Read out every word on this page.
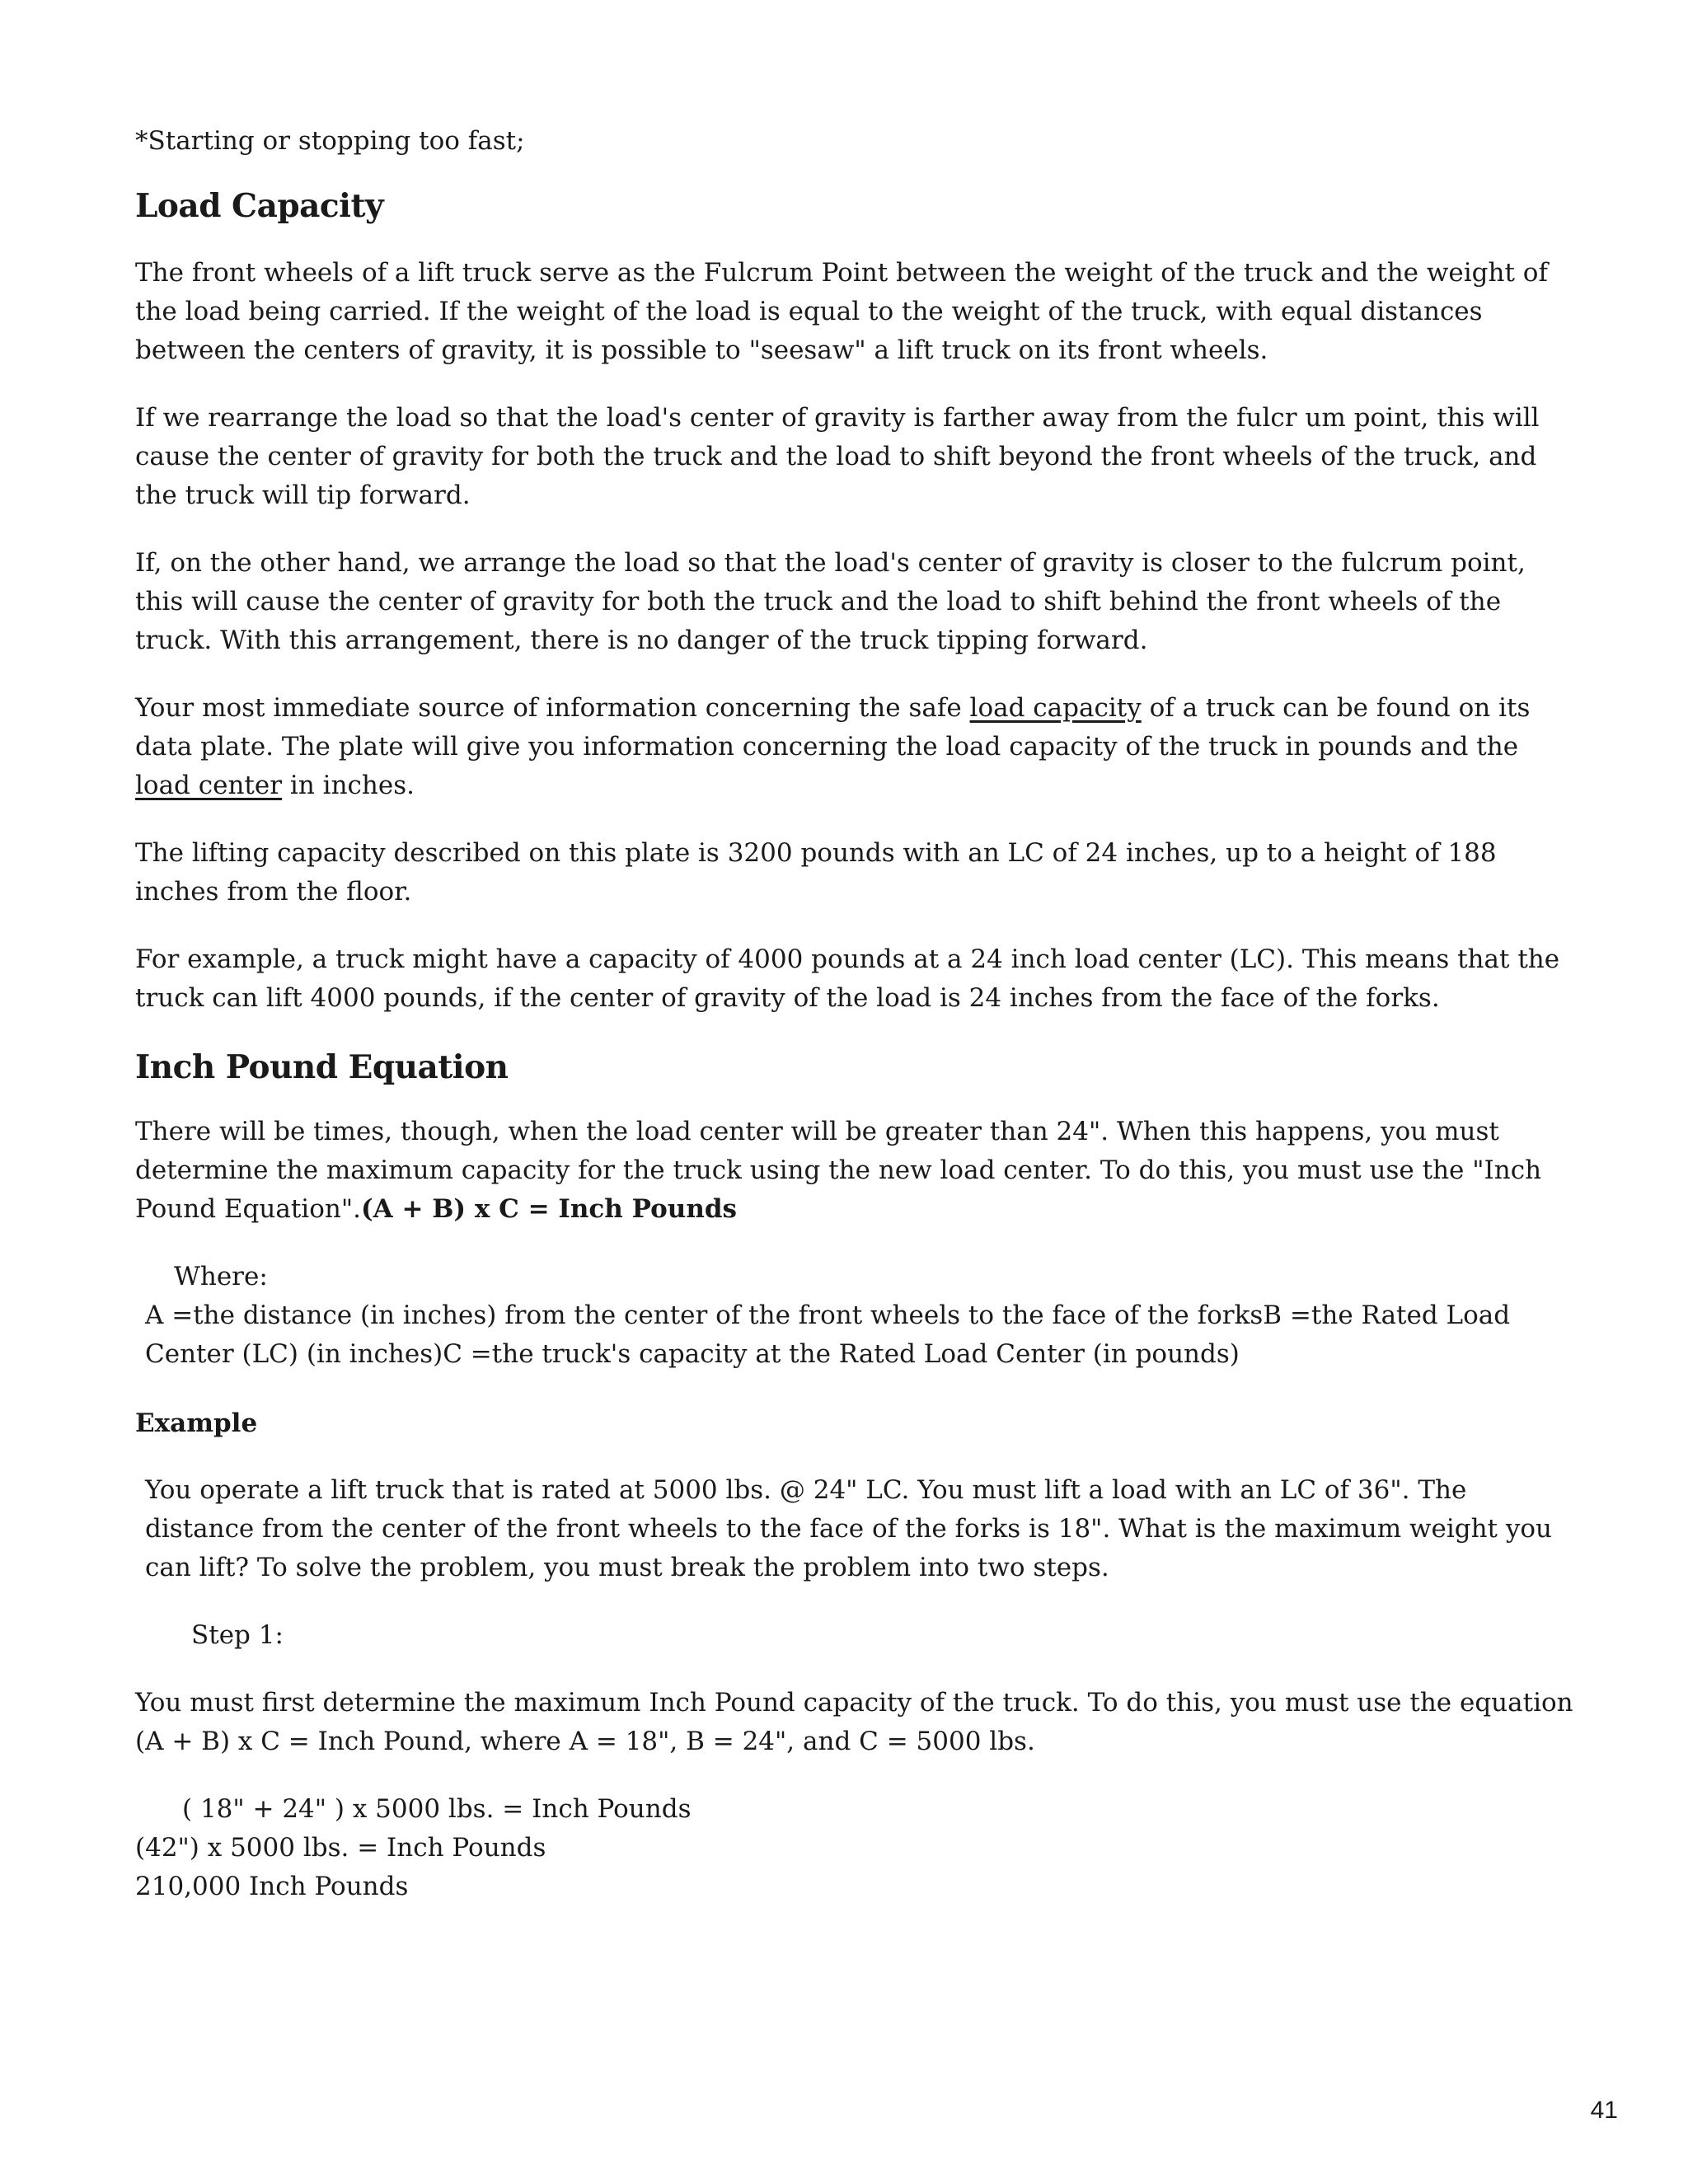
*Starting or stopping too fast;

Load Capacity

The front wheels of a lift truck serve as the Fulcrum Point between the weight of the truck and the weight of the load being carried. If the weight of the load is equal to the weight of the truck, with equal distances between the centers of gravity, it is possible to "seesaw" a lift truck on its front wheels.

If we rearrange the load so that the load's center of gravity is farther away from the fulcr um point, this will cause the center of gravity for both the truck and the load to shift beyond the front wheels of the truck, and the truck will tip forward.

If, on the other hand, we arrange the load so that the load's center of gravity is closer to the fulcrum point, this will cause the center of gravity for both the truck and the load to shift behind the front wheels of the truck. With this arrangement, there is no danger of the truck tipping forward.

Your most immediate source of information concerning the safe load capacity of a truck can be found on its data plate. The plate will give you information concerning the load capacity of the truck in pounds and the load center in inches.

The lifting capacity described on this plate is 3200 pounds with an LC of 24 inches, up to a height of 188 inches from the floor.

For example, a truck might have a capacity of 4000 pounds at a 24 inch load center (LC). This means that the truck can lift 4000 pounds, if the center of gravity of the load is 24 inches from the face of the forks.

Inch Pound Equation

There will be times, though, when the load center will be greater than 24". When this happens, you must determine the maximum capacity for the truck using the new load center. To do this, you must use the "Inch Pound Equation".(A + B) x C = Inch Pounds

Where:

A =the distance (in inches) from the center of the front wheels to the face of the forksB =the Rated Load Center (LC) (in inches)C =the truck's capacity at the Rated Load Center (in pounds)

Example

You operate a lift truck that is rated at 5000 lbs. @ 24" LC. You must lift a load with an LC of 36". The distance from the center of the front wheels to the face of the forks is 18". What is the maximum weight you can lift? To solve the problem, you must break the problem into two steps.

Step 1:

You must first determine the maximum Inch Pound capacity of the truck. To do this, you must use the equation (A + B) x C = Inch Pound, where A = 18", B = 24", and C = 5000 lbs.

( 18" + 24" ) x 5000 lbs. = Inch Pounds

(42") x 5000 lbs. = Inch Pounds

210,000 Inch Pounds

41
